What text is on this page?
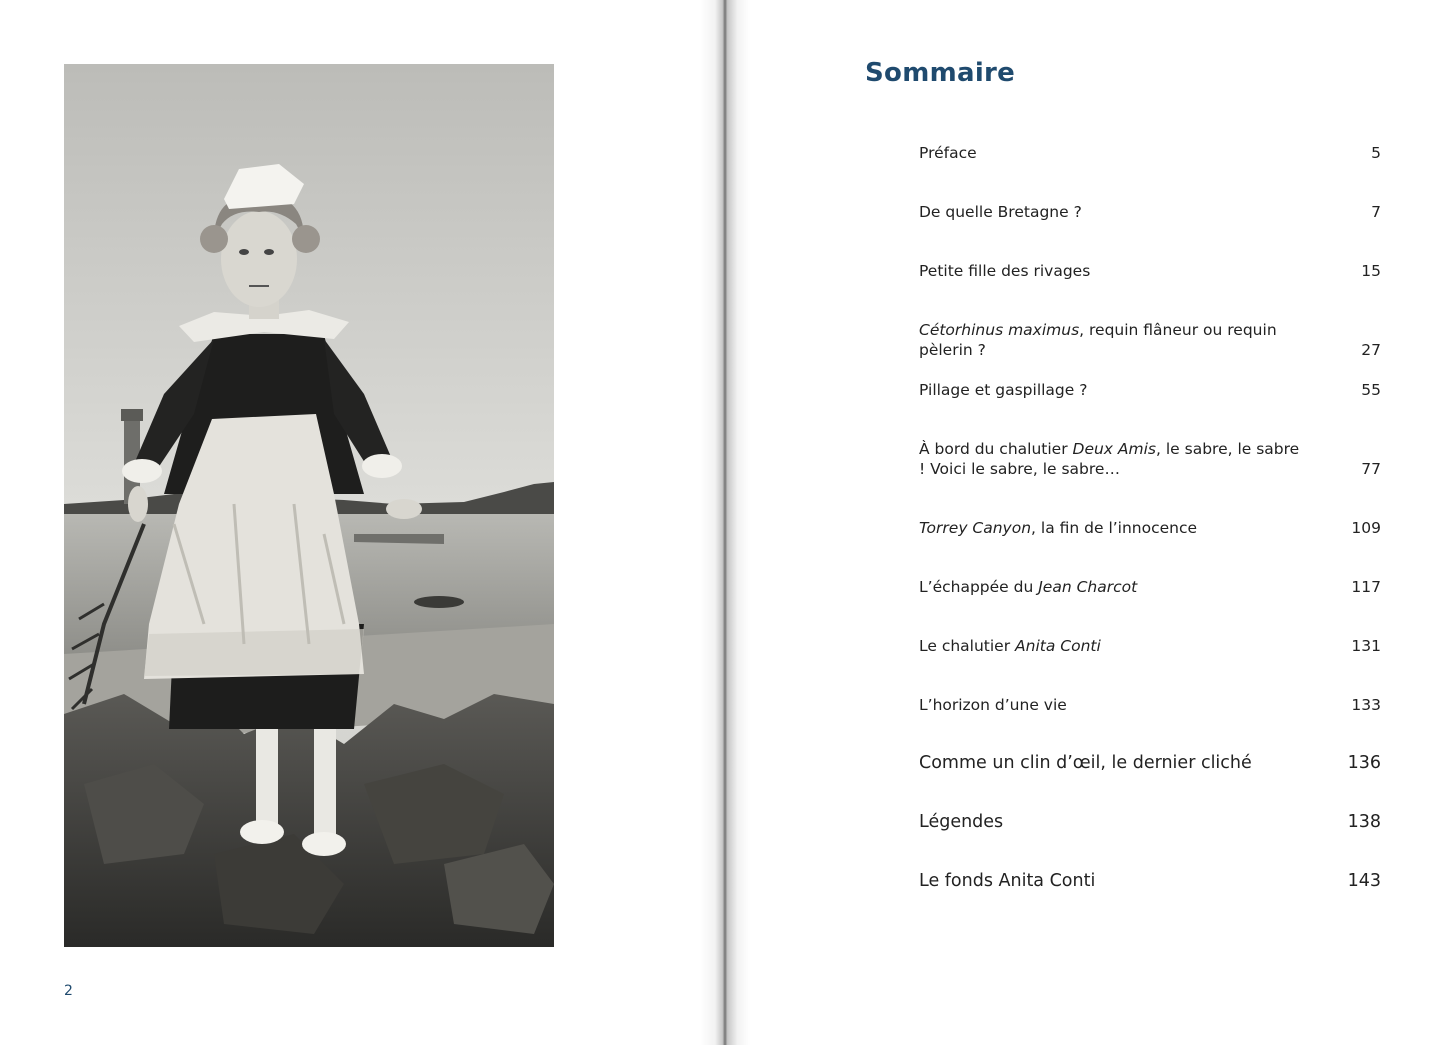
2
Sommaire
Préface	5
De quelle Bretagne ?	7
Petite fille des rivages	15
Cétorhinus maximus, requin flâneur ou requin pèlerin ?	27
Pillage et gaspillage ?	55
À bord du chalutier Deux Amis, le sabre, le sabre ! Voici le sabre, le sabre…	77
Torrey Canyon, la fin de l’innocence	109
L’échappée du Jean Charcot	117
Le chalutier Anita Conti	131
L’horizon d’une vie	133
Comme un clin d’œil, le dernier cliché	136
Légendes	138
Le fonds Anita Conti	143
